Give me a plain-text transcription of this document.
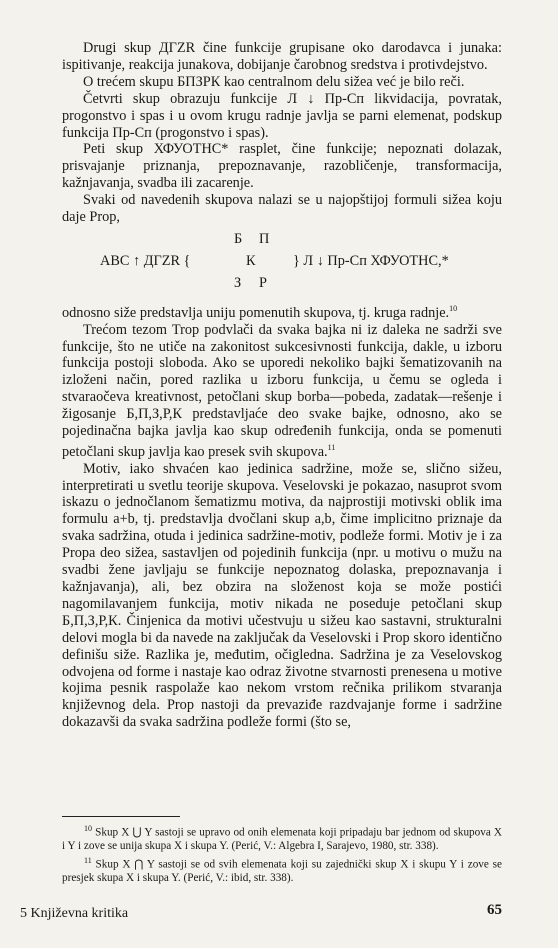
Drugi skup ДГZR čine funkcije grupisane oko darodavca i junaka: ispitivanje, reakcija junakova, dobijanje čarobnog sredstva i protivdejstvo.

O trećem skupu БПЗРК kao centralnom delu sižea već je bilo reči.

Četvrti skup obrazuju funkcije Л ↓ Пр-Сп likvidacija, povratak, progonstvo i spas i u ovom krugu radnje javlja se parni elemenat, podskup funkcija Пр-Сп (progonstvo i spas).

Peti skup ХФУОТНС* rasplet, čine funkcije; nepoznati dolazak, prisvajanje priznanja, prepoznavanje, razobličenje, transformacija, kažnjavanja, svadba ili zacarenje.

Svaki od navedenih skupova nalazi se u najopštijoj formuli sižea koju daje Prop,

ABC ↑ ДГZR {
Б П
К
З Р
} Л ↓ Пр-Сп ХФУОТНС,*

odnosno siže predstavlja uniju pomenutih skupova, tj. kruga radnje.$^{10}$

Trećom tezom Trop podvlači da svaka bajka ni iz daleka ne sadrži sve funkcije, što ne utiče na zakonitost sukcesivnosti funkcija, dakle, u izboru funkcija postoji sloboda. Ako se uporedi nekoliko bajki šematizovanih na izloženi način, pored razlika u izboru funkcija, u čemu se ogleda i stvaraočeva kreativnost, petočlani skup borba—pobeda, zadatak—rešenje i žigosanje Б,П,З,Р,К predstavljaće deo svake bajke, odnosno, ako se pojedinačna bajka javlja kao skup određenih funkcija, onda se pomenuti petočlani skup javlja kao presek svih skupova.$^{11}$

Motiv, iako shvaćen kao jedinica sadržine, može se, slično sižeu, interpretirati u svetlu teorije skupova. Veselovski je pokazao, nasuprot svom iskazu o jednočlanom šematizmu motiva, da najprostiji motivski oblik ima formulu a+b, tj. predstavlja dvočlani skup a,b, čime implicitno priznaje da svaka sadržina, otuda i jedinica sadržine-motiv, podleže formi. Motiv je i za Propa deo sižea, sastavljen od pojedinih funkcija (npr. u motivu o mužu na svadbi žene javljaju se funkcije nepoznatog dolaska, prepoznavanja i kažnjavanja), ali, bez obzira na složenost koja se može postići nagomilavanjem funkcija, motiv nikada ne poseduje petočlani skup Б,П,З,Р,К. Činjenica da motivi učestvuju u sižeu kao sastavni, strukturalni delovi mogla bi da navede na zaključak da Veselovski i Prop skoro identično definišu siže. Razlika je, međutim, očigledna. Sadržina je za Veselovskog odvojena od forme i nastaje kao odraz životne stvarnosti prenesena u motive kojima pesnik raspolaže kao nekom vrstom rečnika prilikom stvaranja književnog dela. Prop nastoji da prevaziđe razdvajanje forme i sadržine dokazavši da svaka sadržina podleže formi (što se,

$^{10}$ Skup X ⋃ Y sastoji se upravo od onih elemenata koji pripadaju bar jednom od skupova X i Y i zove se unija skupa X i skupa Y. (Perić, V.: Algebra I, Sarajevo, 1980, str. 338).

$^{11}$ Skup X ⋂ Y sastoji se od svih elemenata koji su zajednički skup X i skupu Y i zove se presjek skupa X i skupa Y. (Perić, V.: ibid, str. 338).

5 Književna kritika	65
